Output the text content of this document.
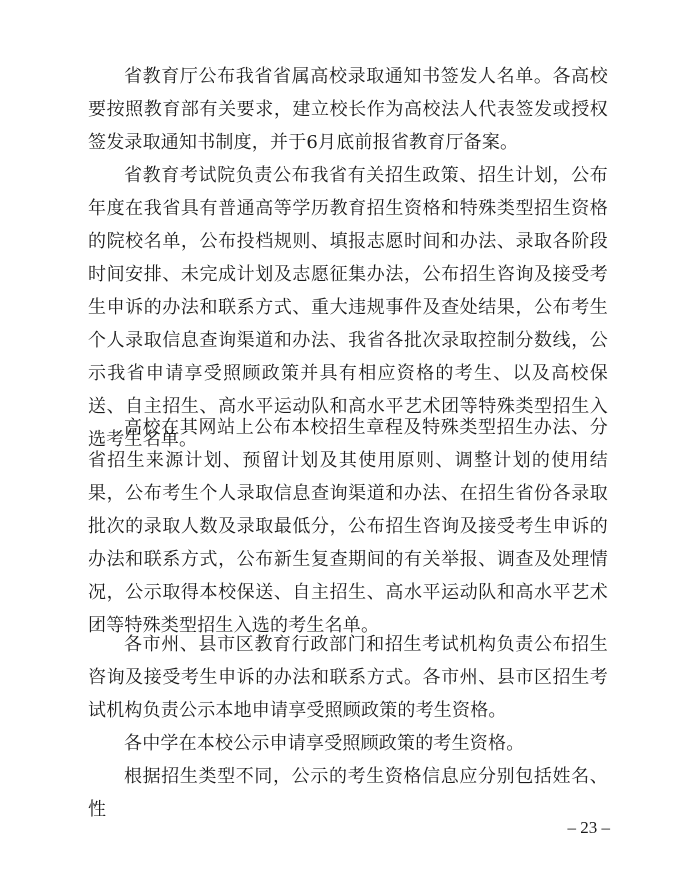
省教育厅公布我省省属高校录取通知书签发人名单。各高校要按照教育部有关要求，建立校长作为高校法人代表签发或授权签发录取通知书制度，并于6月底前报省教育厅备案。

省教育考试院负责公布我省有关招生政策、招生计划，公布年度在我省具有普通高等学历教育招生资格和特殊类型招生资格的院校名单，公布投档规则、填报志愿时间和办法、录取各阶段时间安排、未完成计划及志愿征集办法，公布招生咨询及接受考生申诉的办法和联系方式、重大违规事件及查处结果，公布考生个人录取信息查询渠道和办法、我省各批次录取控制分数线，公示我省申请享受照顾政策并具有相应资格的考生、以及高校保送、自主招生、高水平运动队和高水平艺术团等特殊类型招生入选考生名单。

高校在其网站上公布本校招生章程及特殊类型招生办法、分省招生来源计划、预留计划及其使用原则、调整计划的使用结果，公布考生个人录取信息查询渠道和办法、在招生省份各录取批次的录取人数及录取最低分，公布招生咨询及接受考生申诉的办法和联系方式，公布新生复查期间的有关举报、调查及处理情况，公示取得本校保送、自主招生、高水平运动队和高水平艺术团等特殊类型招生入选的考生名单。

各市州、县市区教育行政部门和招生考试机构负责公布招生咨询及接受考生申诉的办法和联系方式。各市州、县市区招生考试机构负责公示本地申请享受照顾政策的考生资格。

各中学在本校公示申请享受照顾政策的考生资格。

根据招生类型不同，公示的考生资格信息应分别包括姓名、性

– 23 –
